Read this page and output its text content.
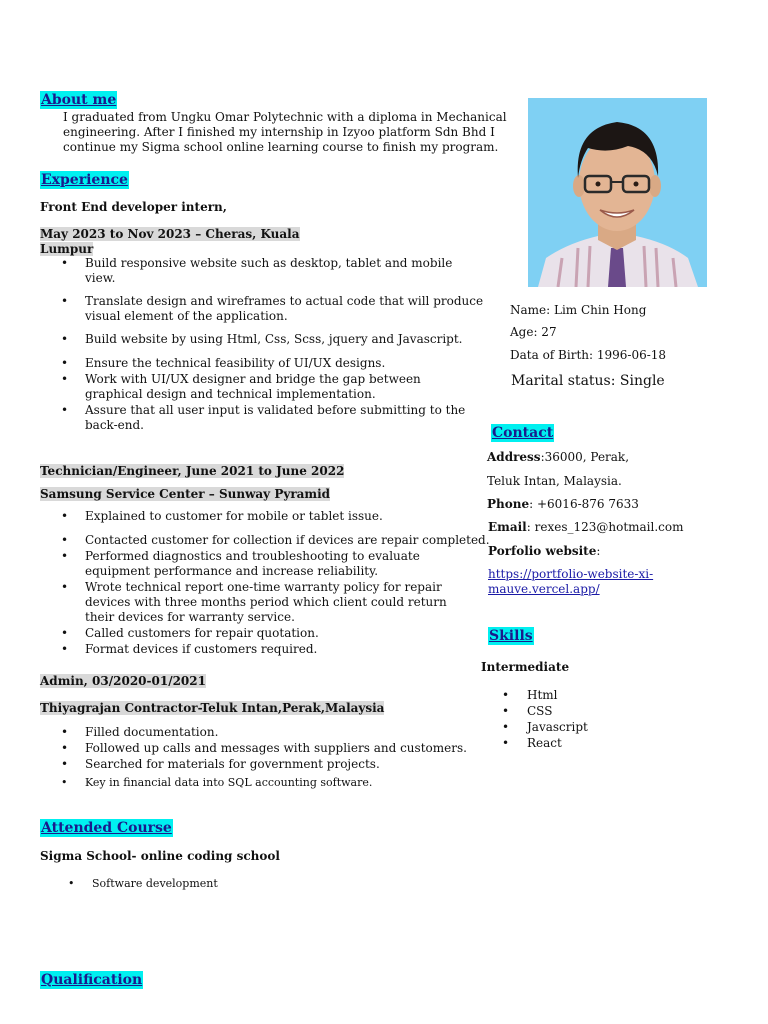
About me
I graduated from Ungku Omar Polytechnic with a diploma in Mechanical
engineering. After I finished my internship in Izyoo platform Sdn Bhd I
continue my Sigma school online learning course to finish my program.
Experience
Front End developer intern,
May 2023 to Nov 2023 – Cheras, Kuala
Lumpur
• Build responsive website such as desktop, tablet and mobile
view.
• Translate design and wireframes to actual code that will produce
visual element of the application.
• Build website by using Html, Css, Scss, jquery and Javascript.
• Ensure the technical feasibility of UI/UX designs.
• Work with UI/UX designer and bridge the gap between
graphical design and technical implementation.
• Assure that all user input is validated before submitting to the
back-end.
Technician/Engineer, June 2021 to June 2022
Samsung Service Center – Sunway Pyramid
• Explained to customer for mobile or tablet issue.
• Contacted customer for collection if devices are repair completed.
• Performed diagnostics and troubleshooting to evaluate
equipment performance and increase reliability.
• Wrote technical report one-time warranty policy for repair
devices with three months period which client could return
their devices for warranty service.
• Called customers for repair quotation.
• Format devices if customers required.
Admin, 03/2020-01/2021
Thiyagrajan Contractor-Teluk Intan,Perak,Malaysia
• Filled documentation.
• Followed up calls and messages with suppliers and customers.
• Searched for materials for government projects.
• Key in financial data into SQL accounting software.
Attended Course
Sigma School- online coding school
• Software development
Qualification
Name: Lim Chin Hong
Age: 27
Data of Birth: 1996-06-18
Marital status: Single
Contact
Address:36000, Perak,
Teluk Intan, Malaysia.
Phone: +6016-876 7633
Email: rexes_123@hotmail.com
Porfolio website:
https://portfolio-website-xi-
mauve.vercel.app/
Skills
Intermediate
• Html
• CSS
• Javascript
• React
